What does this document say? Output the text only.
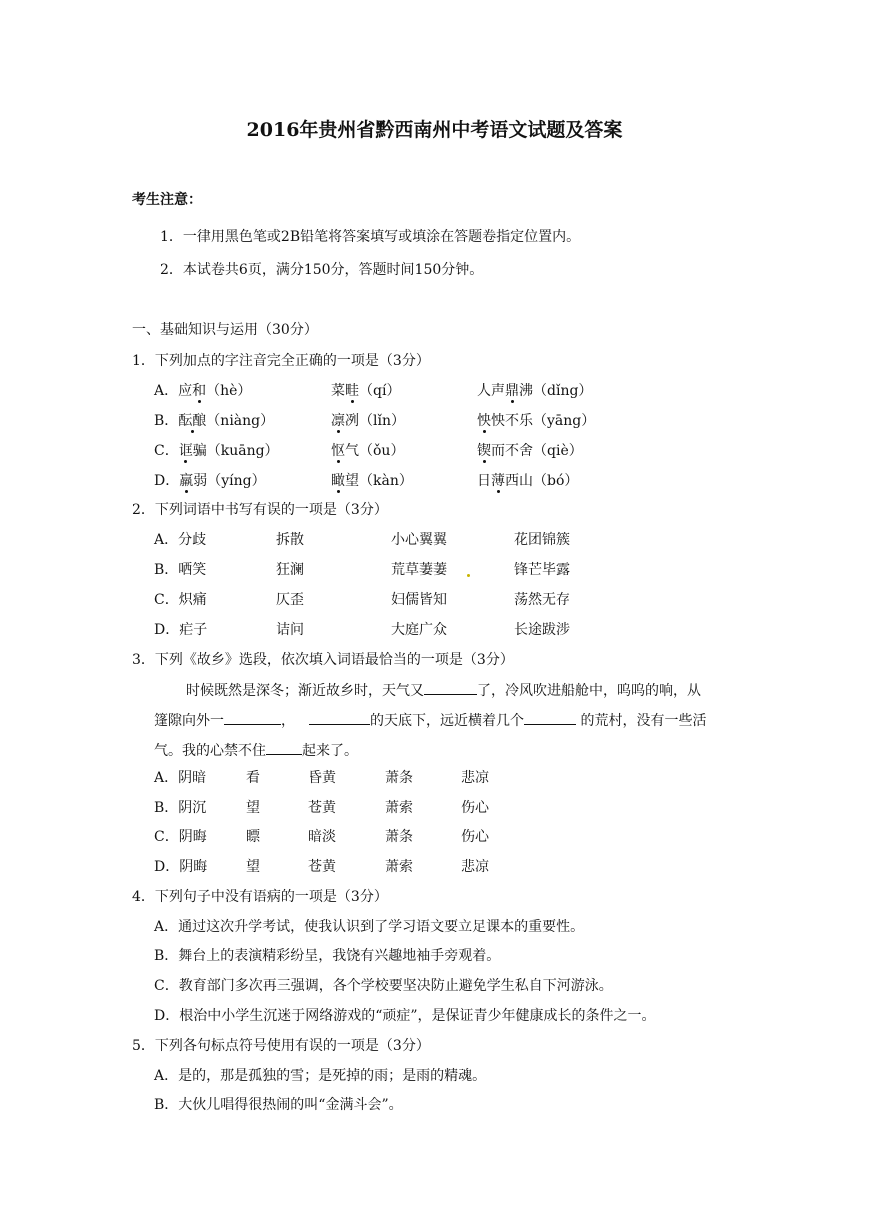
2016年贵州省黔西南州中考语文试题及答案
考生注意：
1．一律用黑色笔或2B铅笔将答案填写或填涂在答题卷指定位置内。
2．本试卷共6页，满分150分，答题时间150分钟。
一、基础知识与运用（30分）
1．下列加点的字注音完全正确的一项是（3分）
A．应和（hè）	菜畦（qí）	人声鼎沸（dǐng）
B．酝酿（niàng）	凛冽（lǐn）	怏怏不乐（yāng）
C．诓骗（kuāng）	怄气（ǒu）	锲而不舍（qiè）
D．羸弱（yíng）	瞰望（kàn）	日薄西山（bó）
2．下列词语中书写有误的一项是（3分）
A．分歧	拆散	小心翼翼	花团锦簇
B．哂笑	狂澜	荒草萋萋	锋芒毕露
C．炽痛	仄歪	妇儒皆知	荡然无存
D．疟子	诘问	大庭广众	长途跋涉
3．下列《故乡》选段，依次填入词语最恰当的一项是（3分）
时候既然是深冬；渐近故乡时，天气又	了，冷风吹进船舱中，呜呜的响，从
篷隙向外一	，	的天底下，远近横着几个	的荒村，没有一些活
气。我的心禁不住	起来了。
A．阴暗	看	昏黄	萧条	悲凉
B．阴沉	望	苍黄	萧索	伤心
C．阴晦	瞟	暗淡	萧条	伤心
D．阴晦	望	苍黄	萧索	悲凉
4．下列句子中没有语病的一项是（3分）
A．通过这次升学考试，使我认识到了学习语文要立足课本的重要性。
B．舞台上的表演精彩纷呈，我饶有兴趣地袖手旁观着。
C．教育部门多次再三强调，各个学校要坚决防止避免学生私自下河游泳。
D．根治中小学生沉迷于网络游戏的“顽症”，是保证青少年健康成长的条件之一。
5．下列各句标点符号使用有误的一项是（3分）
A．是的，那是孤独的雪；是死掉的雨；是雨的精魂。
B．大伙儿唱得很热闹的叫“金满斗会”。
